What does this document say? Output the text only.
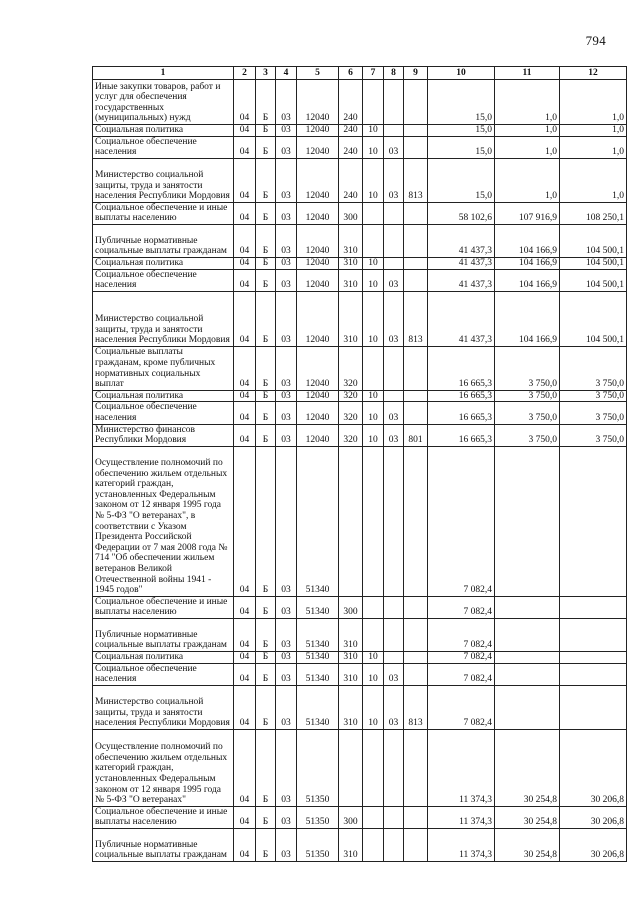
794
1	2	3	4	5	6	7	8	9	10	11	12
Иные закупки товаров, работ и услуг для обеспечения государственных (муниципальных) нужд	04	Б	03	12040	240				15,0	1,0	1,0
Социальная политика	04	Б	03	12040	240	10			15,0	1,0	1,0
Социальное обеспечение населения	04	Б	03	12040	240	10	03		15,0	1,0	1,0
Министерство социальной защиты, труда и занятости населения Республики Мордовия	04	Б	03	12040	240	10	03	813	15,0	1,0	1,0
Социальное обеспечение и иные выплаты населению	04	Б	03	12040	300				58 102,6	107 916,9	108 250,1
Публичные нормативные социальные выплаты гражданам	04	Б	03	12040	310				41 437,3	104 166,9	104 500,1
Социальная политика	04	Б	03	12040	310	10			41 437,3	104 166,9	104 500,1
Социальное обеспечение населения	04	Б	03	12040	310	10	03		41 437,3	104 166,9	104 500,1
Министерство социальной защиты, труда и занятости населения Республики Мордовия	04	Б	03	12040	310	10	03	813	41 437,3	104 166,9	104 500,1
Социальные выплаты гражданам, кроме публичных нормативных социальных выплат	04	Б	03	12040	320				16 665,3	3 750,0	3 750,0
Социальная политика	04	Б	03	12040	320	10			16 665,3	3 750,0	3 750,0
Социальное обеспечение населения	04	Б	03	12040	320	10	03		16 665,3	3 750,0	3 750,0
Министерство финансов Республики Мордовия	04	Б	03	12040	320	10	03	801	16 665,3	3 750,0	3 750,0
Осуществление полномочий по обеспечению жильем отдельных категорий граждан, установленных Федеральным законом от 12 января 1995 года № 5-ФЗ "О ветеранах", в соответствии с Указом Президента Российской Федерации от 7 мая 2008 года № 714 "Об обеспечении жильем ветеранов Великой Отечественной войны 1941 - 1945 годов"	04	Б	03	51340					7 082,4		
Социальное обеспечение и иные выплаты населению	04	Б	03	51340	300				7 082,4		
Публичные нормативные социальные выплаты гражданам	04	Б	03	51340	310				7 082,4		
Социальная политика	04	Б	03	51340	310	10			7 082,4		
Социальное обеспечение населения	04	Б	03	51340	310	10	03		7 082,4		
Министерство социальной защиты, труда и занятости населения Республики Мордовия	04	Б	03	51340	310	10	03	813	7 082,4		
Осуществление полномочий по обеспечению жильем отдельных категорий граждан, установленных Федеральным законом от 12 января 1995 года № 5-ФЗ "О ветеранах"	04	Б	03	51350					11 374,3	30 254,8	30 206,8
Социальное обеспечение и иные выплаты населению	04	Б	03	51350	300				11 374,3	30 254,8	30 206,8
Публичные нормативные социальные выплаты гражданам	04	Б	03	51350	310				11 374,3	30 254,8	30 206,8
